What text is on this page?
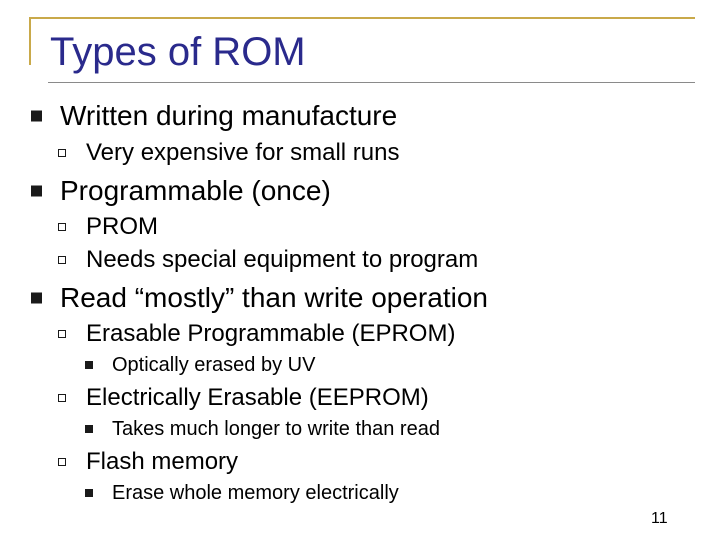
Types of ROM
Written during manufacture
Very expensive for small runs
Programmable (once)
PROM
Needs special equipment to program
Read “mostly” than write operation
Erasable Programmable (EPROM)
Optically erased by UV
Electrically Erasable (EEPROM)
Takes much longer to write than read
Flash memory
Erase whole memory electrically
11
